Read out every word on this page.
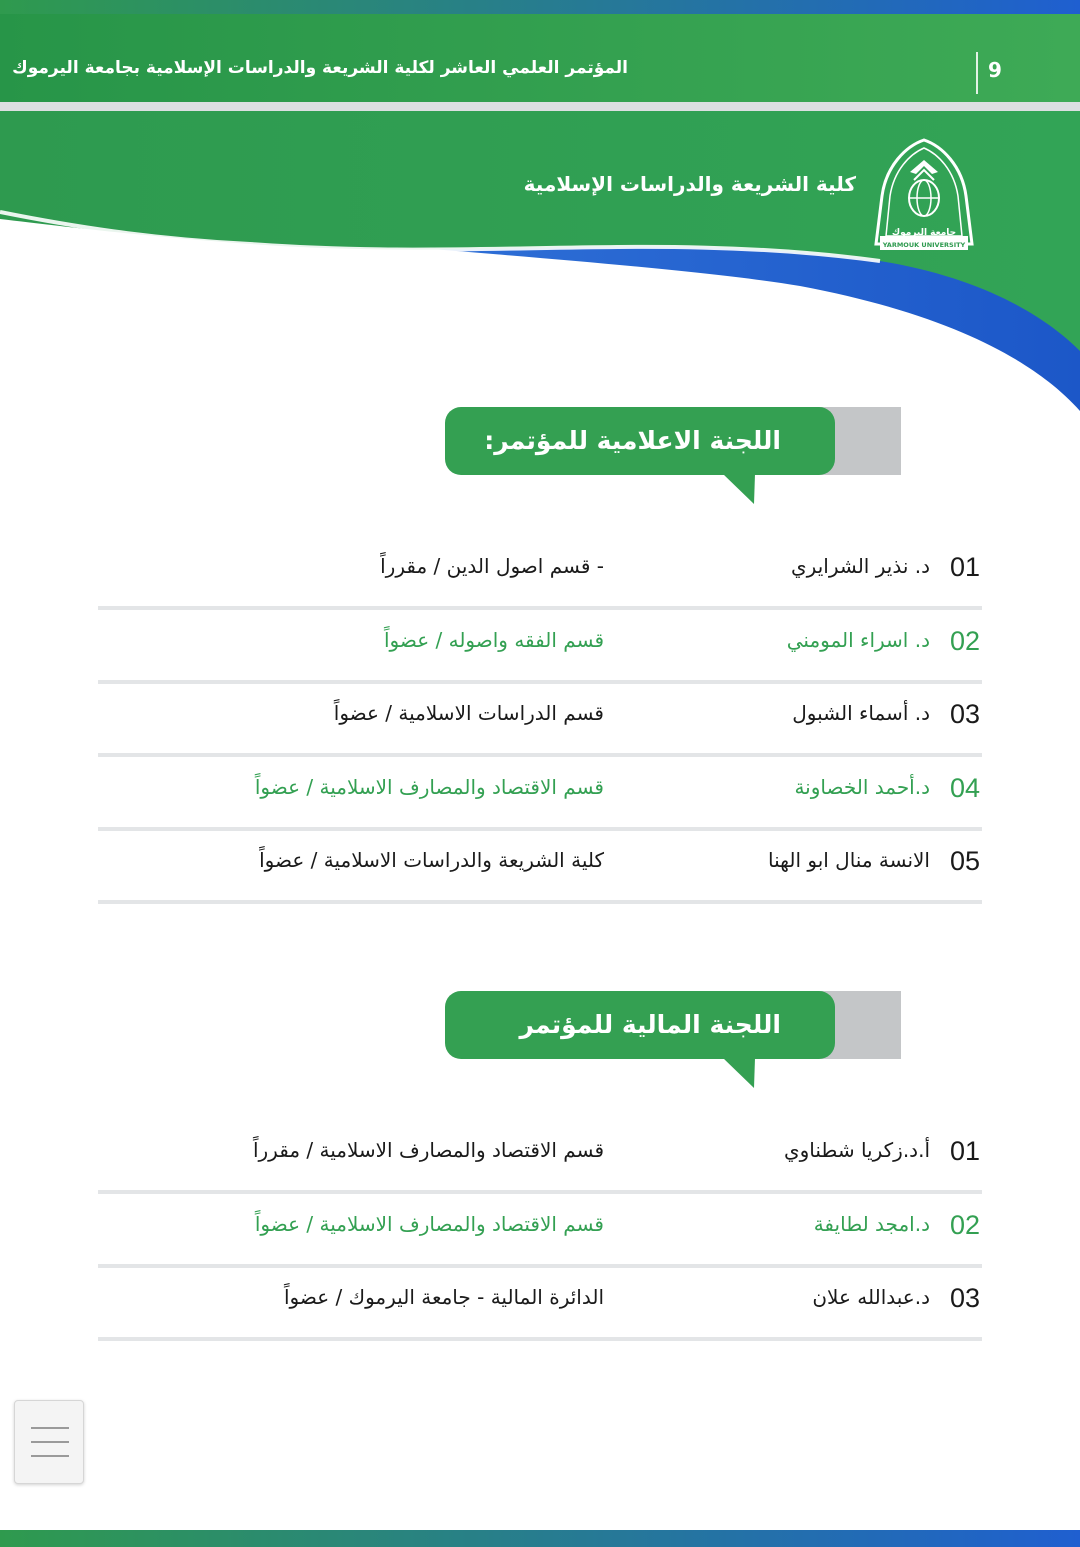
المؤتمر العلمي العاشر لكلية الشريعة والدراسات الإسلامية بجامعة اليرموك	9
كلية الشريعة والدراسات الإسلامية
جامعة اليرموك
YARMOUK UNIVERSITY
اللجنة الاعلامية للمؤتمر:
01
د. نذير الشرايري
- قسم اصول الدين / مقرراً
02
د. اسراء المومني
قسم الفقه واصوله / عضواً
03
د. أسماء الشبول
قسم الدراسات الاسلامية / عضواً
04
د.أحمد الخصاونة
قسم الاقتصاد والمصارف الاسلامية / عضواً
05
الانسة منال ابو الهنا
كلية الشريعة والدراسات الاسلامية / عضواً
اللجنة المالية للمؤتمر
01
أ.د.زكريا شطناوي
قسم الاقتصاد والمصارف الاسلامية / مقرراً
02
د.امجد لطايفة
قسم الاقتصاد والمصارف الاسلامية / عضواً
03
د.عبدالله علان
الدائرة المالية - جامعة اليرموك / عضواً
